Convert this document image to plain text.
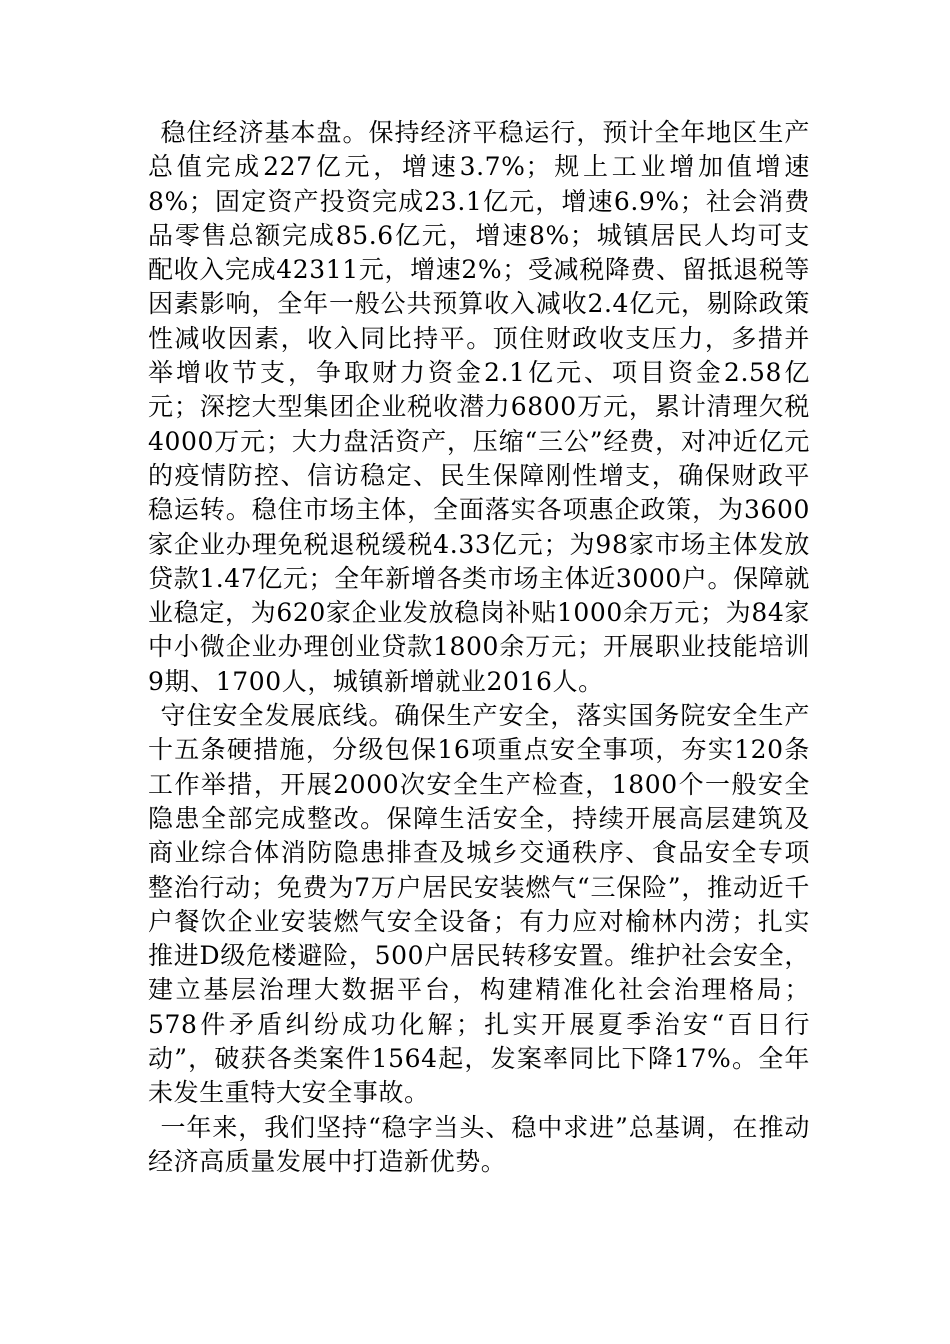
稳住经济基本盘。保持经济平稳运行，预计全年地区生产总值完成227亿元，增速3.7%；规上工业增加值增速8%；固定资产投资完成23.1亿元，增速6.9%；社会消费品零售总额完成85.6亿元，增速8%；城镇居民人均可支配收入完成42311元，增速2%；受减税降费、留抵退税等因素影响，全年一般公共预算收入减收2.4亿元，剔除政策性减收因素，收入同比持平。顶住财政收支压力，多措并举增收节支，争取财力资金2.1亿元、项目资金2.58亿元；深挖大型集团企业税收潜力6800万元，累计清理欠税4000万元；大力盘活资产，压缩“三公”经费，对冲近亿元的疫情防控、信访稳定、民生保障刚性增支，确保财政平稳运转。稳住市场主体，全面落实各项惠企政策，为3600家企业办理免税退税缓税4.33亿元；为98家市场主体发放贷款1.47亿元；全年新增各类市场主体近3000户。保障就业稳定，为620家企业发放稳岗补贴1000余万元；为84家中小微企业办理创业贷款1800余万元；开展职业技能培训9期、1700人，城镇新增就业2016人。

守住安全发展底线。确保生产安全，落实国务院安全生产十五条硬措施，分级包保16项重点安全事项，夯实120条工作举措，开展2000次安全生产检查，1800个一般安全隐患全部完成整改。保障生活安全，持续开展高层建筑及商业综合体消防隐患排查及城乡交通秩序、食品安全专项整治行动；免费为7万户居民安装燃气“三保险”，推动近千户餐饮企业安装燃气安全设备；有力应对榆林内涝；扎实推进D级危楼避险，500户居民转移安置。维护社会安全，建立基层治理大数据平台，构建精准化社会治理格局；578件矛盾纠纷成功化解；扎实开展夏季治安“百日行动”，破获各类案件1564起，发案率同比下降17%。全年未发生重特大安全事故。

一年来，我们坚持“稳字当头、稳中求进”总基调，在推动经济高质量发展中打造新优势。
